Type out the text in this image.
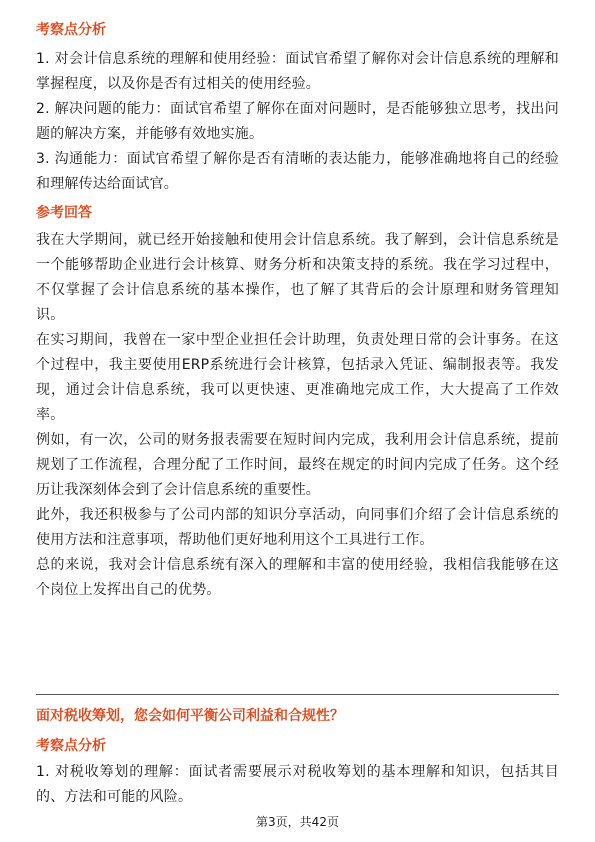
考察点分析

1. 对会计信息系统的理解和使用经验：面试官希望了解你对会计信息系统的理解和掌握程度，以及你是否有过相关的使用经验。

2. 解决问题的能力：面试官希望了解你在面对问题时，是否能够独立思考，找出问题的解决方案，并能够有效地实施。

3. 沟通能力：面试官希望了解你是否有清晰的表达能力，能够准确地将自己的经验和理解传达给面试官。

参考回答

我在大学期间，就已经开始接触和使用会计信息系统。我了解到，会计信息系统是一个能够帮助企业进行会计核算、财务分析和决策支持的系统。我在学习过程中，不仅掌握了会计信息系统的基本操作，也了解了其背后的会计原理和财务管理知识。

在实习期间，我曾在一家中型企业担任会计助理，负责处理日常的会计事务。在这个过程中，我主要使用ERP系统进行会计核算，包括录入凭证、编制报表等。我发现，通过会计信息系统，我可以更快速、更准确地完成工作，大大提高了工作效率。

例如，有一次，公司的财务报表需要在短时间内完成，我利用会计信息系统，提前规划了工作流程，合理分配了工作时间，最终在规定的时间内完成了任务。这个经历让我深刻体会到了会计信息系统的重要性。

此外，我还积极参与了公司内部的知识分享活动，向同事们介绍了会计信息系统的使用方法和注意事项，帮助他们更好地利用这个工具进行工作。

总的来说，我对会计信息系统有深入的理解和丰富的使用经验，我相信我能够在这个岗位上发挥出自己的优势。

面对税收筹划，您会如何平衡公司利益和合规性？

考察点分析

1. 对税收筹划的理解：面试者需要展示对税收筹划的基本理解和知识，包括其目的、方法和可能的风险。

第3页，共42页
